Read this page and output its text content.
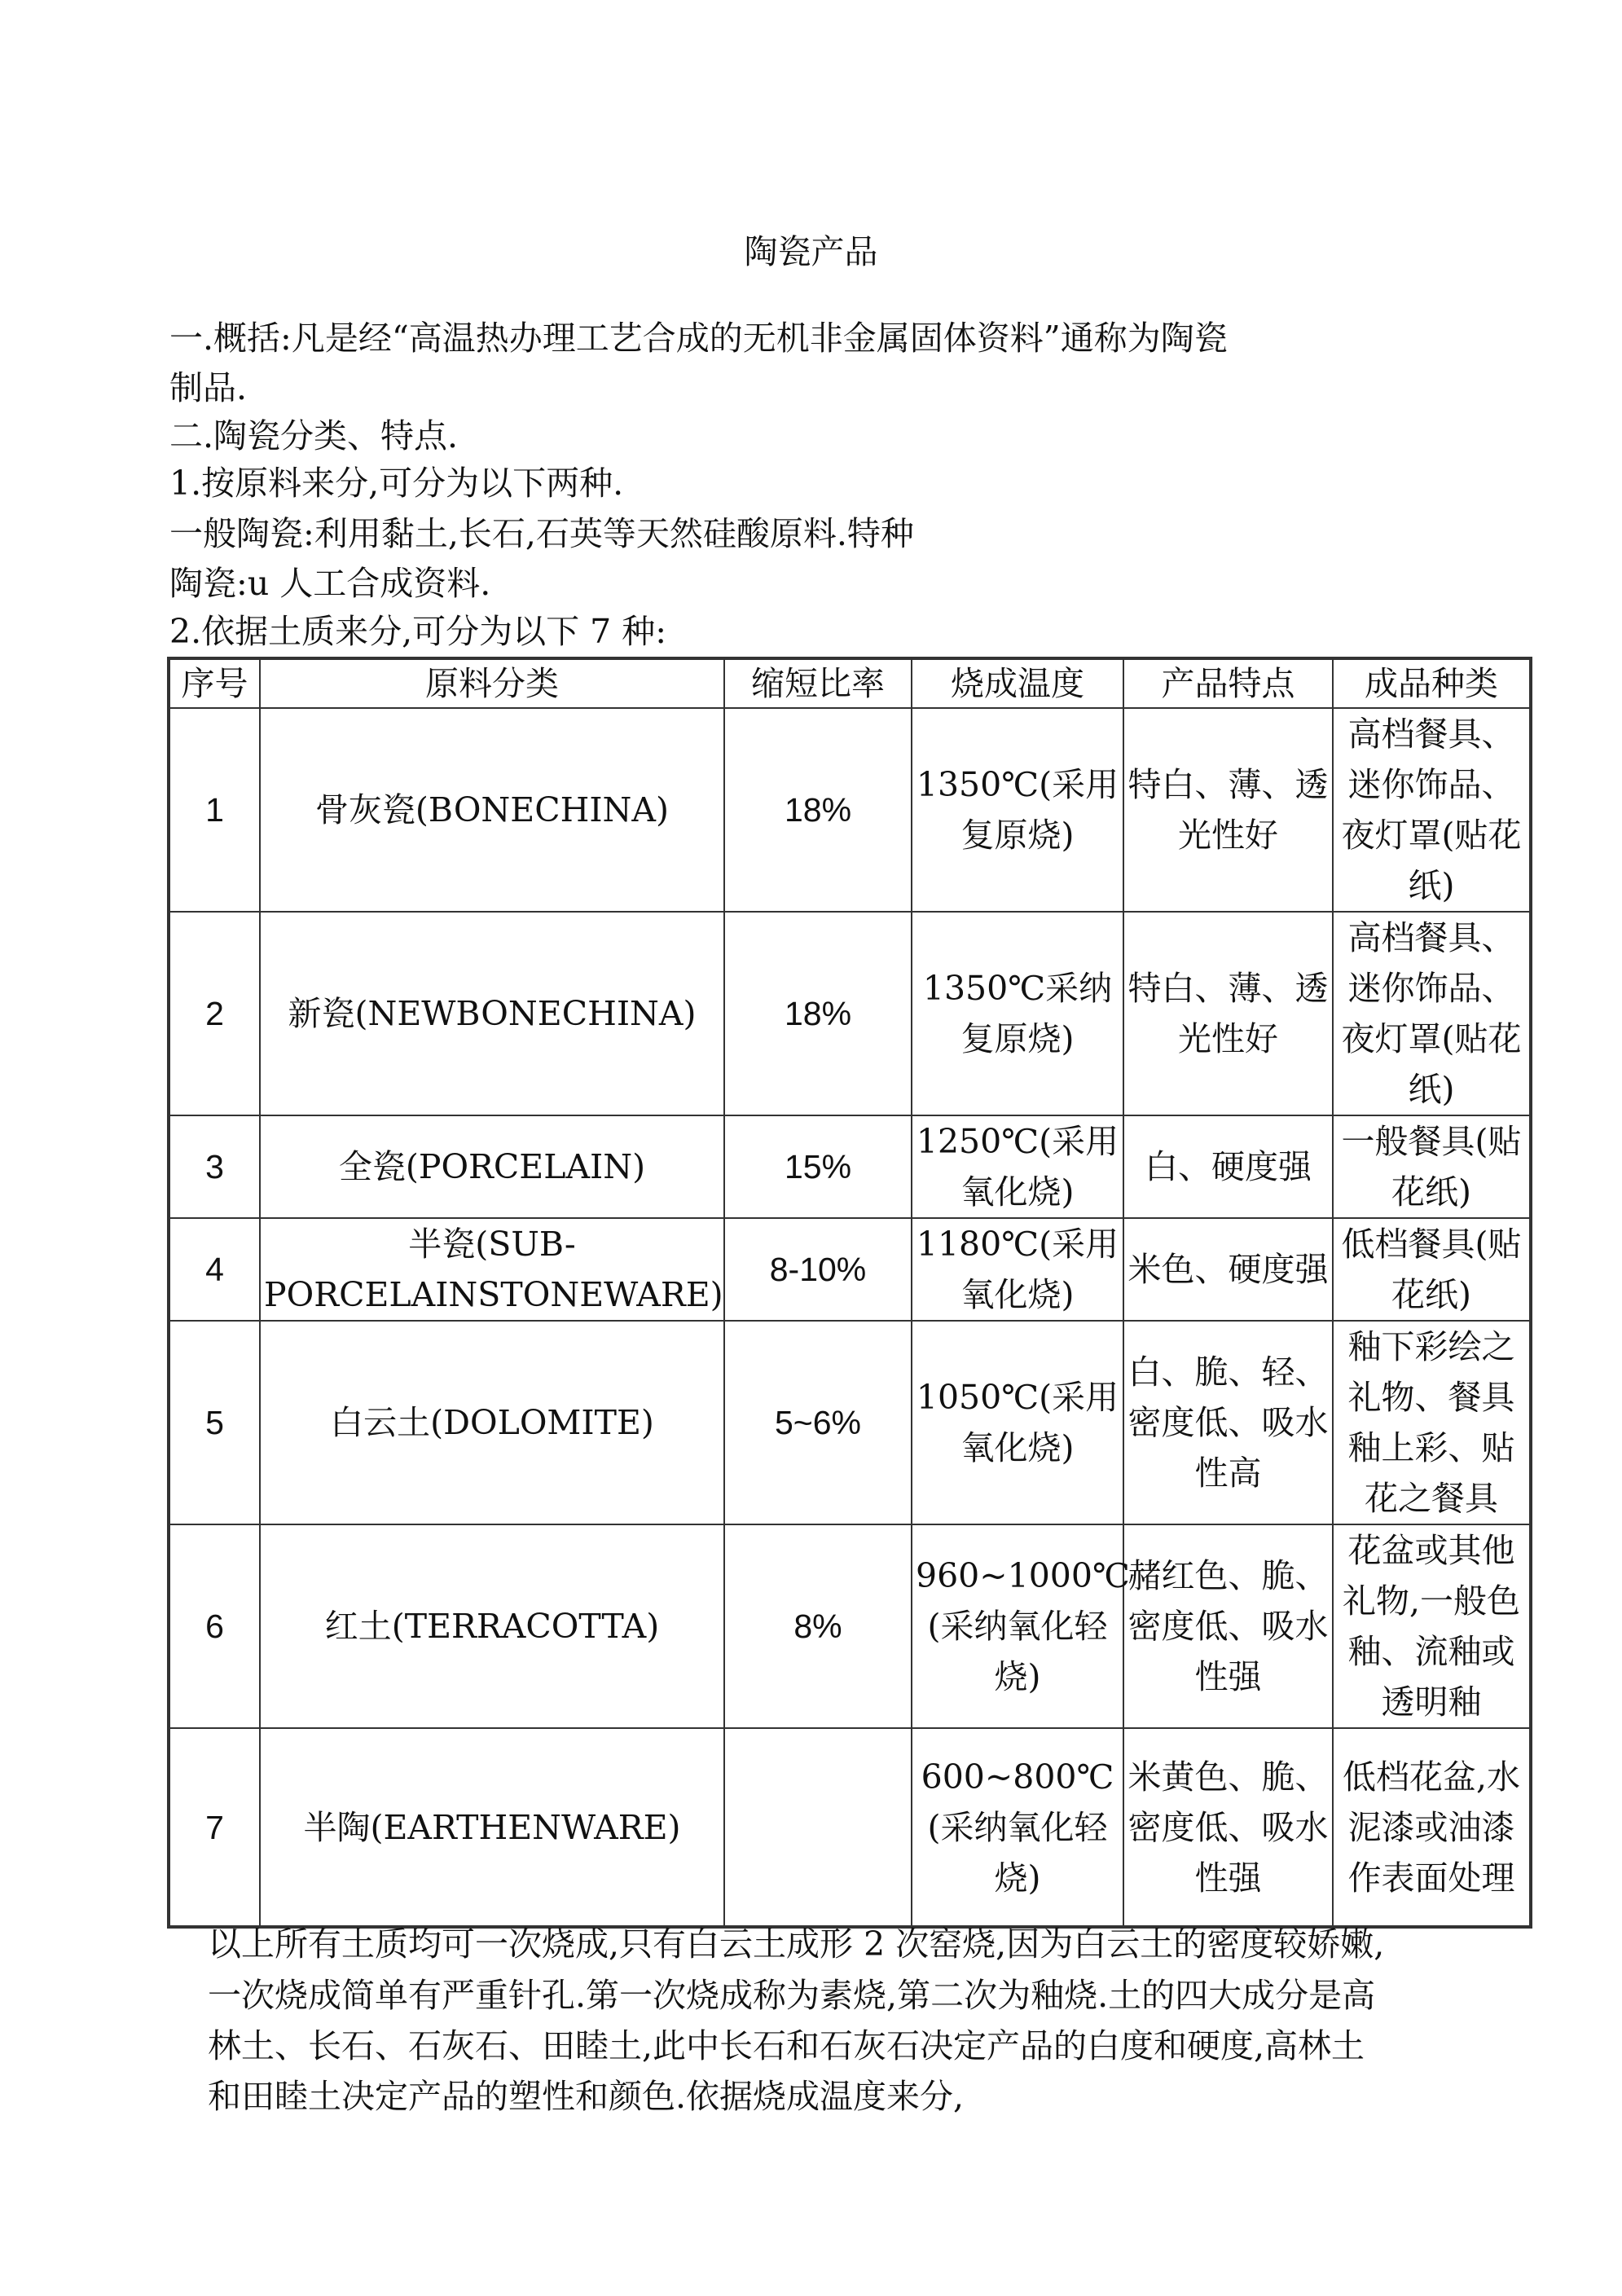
陶瓷产品

一.概括:凡是经“高温热办理工艺合成的无机非金属固体资料”通称为陶瓷

制品.

二.陶瓷分类、特点.

1.按原料来分,可分为以下两种.

一般陶瓷:利用黏土,长石,石英等天然硅酸原料.特种

陶瓷:u 人工合成资料.

2.依据土质来分,可分为以下 7 种:

序号	原料分类	缩短比率	烧成温度	产品特点	成品种类
1	骨灰瓷(BONECHINA)	18%	1350℃(采用复原烧)	特白、薄、透光性好	高档餐具、迷你饰品、夜灯罩(贴花纸)
2	新瓷(NEWBONECHINA)	18%	1350℃采纳复原烧)	特白、薄、透光性好	高档餐具、迷你饰品、夜灯罩(贴花纸)
3	全瓷(PORCELAIN)	15%	1250℃(采用氧化烧)	白、硬度强	一般餐具(贴花纸)
4	半瓷(SUB-PORCELAINSTONEWARE)	8-10%	1180℃(采用氧化烧)	米色、硬度强	低档餐具(贴花纸)
5	白云土(DOLOMITE)	5~6%	1050℃(采用氧化烧)	白、脆、轻、密度低、吸水性高	釉下彩绘之礼物、餐具釉上彩、贴花之餐具
6	红土(TERRACOTTA)	8%	960~1000℃(采纳氧化轻烧)	赭红色、脆、密度低、吸水性强	花盆或其他礼物,一般色釉、流釉或透明釉
7	半陶(EARTHENWARE)		600~800℃(采纳氧化轻烧)	米黄色、脆、密度低、吸水性强	低档花盆,水泥漆或油漆作表面处理

以上所有土质均可一次烧成,只有白云土成形 2 次窑烧,因为白云土的密度较娇嫩,

一次烧成简单有严重针孔.第一次烧成称为素烧,第二次为釉烧.土的四大成分是高

林土、长石、石灰石、田睦土,此中长石和石灰石决定产品的白度和硬度,高林土

和田睦土决定产品的塑性和颜色.依据烧成温度来分,
